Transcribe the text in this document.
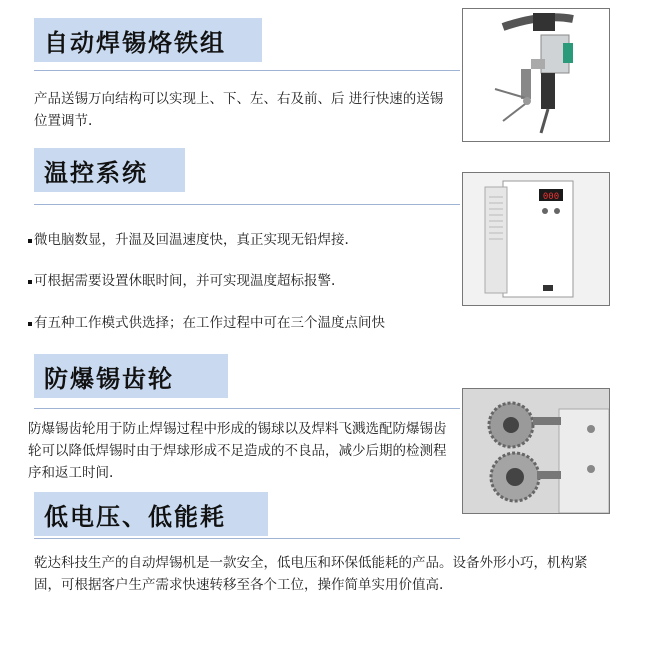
自动焊锡烙铁组
产品送锡万向结构可以实现上、下、左、右及前、后 进行快速的送锡位置调节.
温控系统
微电脑数显，升温及回温速度快，真正实现无铅焊接.
可根据需要设置休眠时间，并可实现温度超标报警.
有五种工作模式供选择；在工作过程中可在三个温度点间快
000
防爆锡齿轮
防爆锡齿轮用于防止焊锡过程中形成的锡球以及焊料飞溅选配防爆锡齿轮可以降低焊锡时由于焊球形成不足造成的不良品，减少后期的检测程序和返工时间.
低电压、低能耗
乾达科技生产的自动焊锡机是一款安全，低电压和环保低能耗的产品。设备外形小巧，机构紧固，可根据客户生产需求快速转移至各个工位，操作简单实用价值高.
